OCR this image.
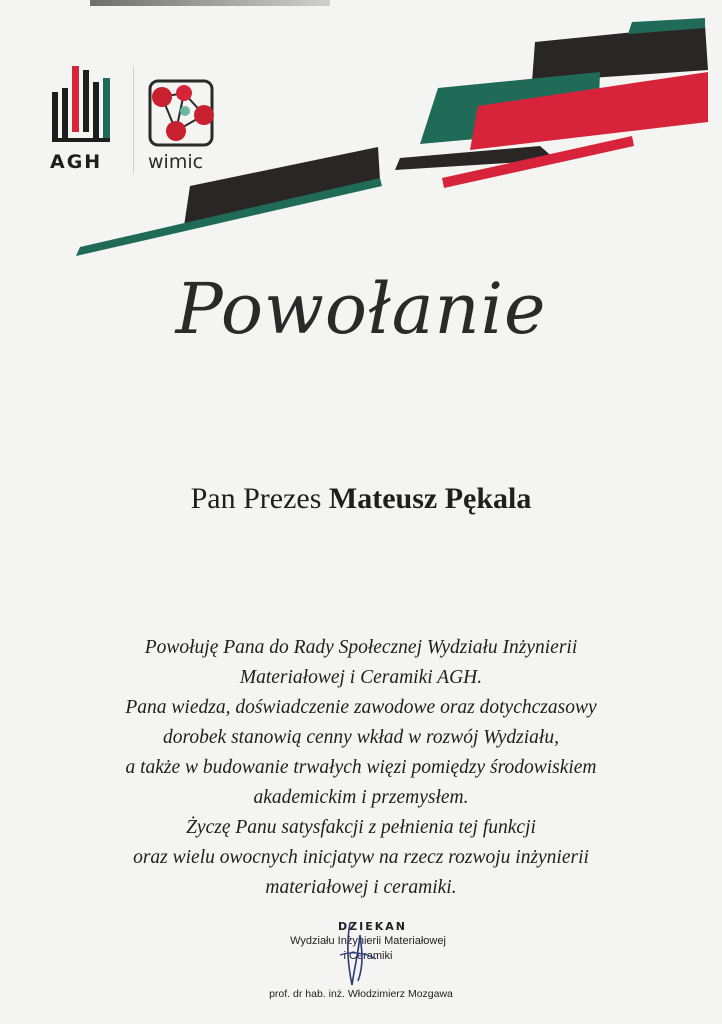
AGH wimic
Powołanie
Pan Prezes Mateusz Pękala
Powołuję Pana do Rady Społecznej Wydziału Inżynierii
Materiałowej i Ceramiki AGH.
Pana wiedza, doświadczenie zawodowe oraz dotychczasowy
dorobek stanowią cenny wkład w rozwój Wydziału,
a także w budowanie trwałych więzi pomiędzy środowiskiem
akademickim i przemysłem.
Życzę Panu satysfakcji z pełnienia tej funkcji
oraz wielu owocnych inicjatyw na rzecz rozwoju inżynierii
materiałowej i ceramiki.
DZIEKAN
Wydziału Inżynierii Materiałowej
i Ceramiki
prof. dr hab. inż. Włodzimierz Mozgawa
